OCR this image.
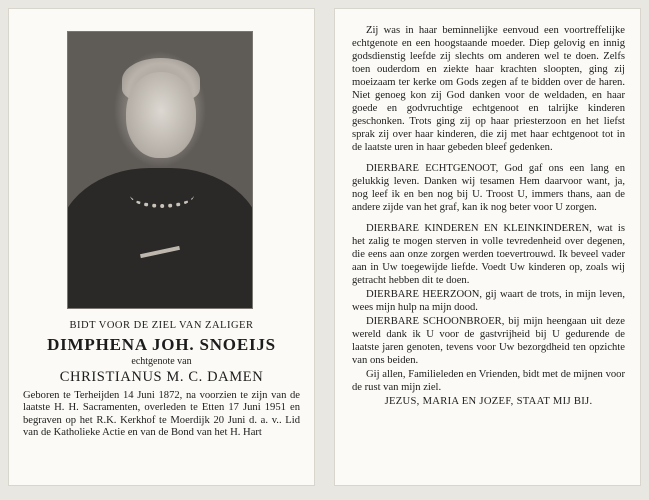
BIDT VOOR DE ZIEL VAN ZALIGER

DIMPHENA JOH. SNOEIJS

echtgenote van

CHRISTIANUS M. C. DAMEN

Geboren te Terheijden 14 Juni 1872, na voorzien te zijn van de laatste H. H. Sacramenten, overleden te Etten 17 Juni 1951 en begraven op het R.K. Kerkhof te Moerdijk 20 Juni d. a. v.. Lid van de Katholieke Actie en van de Bond van het H. Hart

Zij was in haar beminnelijke eenvoud een voortreffelijke echtgenote en een hoogstaande moeder. Diep gelovig en innig godsdienstig leefde zij slechts om anderen wel te doen. Zelfs toen ouderdom en ziekte haar krachten sloopten, ging zij moeizaam ter kerke om Gods zegen af te bidden over de haren. Niet genoeg kon zij God danken voor de weldaden, en haar goede en godvruchtige echtgenoot en talrijke kinderen geschonken. Trots ging zij op haar priesterzoon en het liefst sprak zij over haar kinderen, die zij met haar echtgenoot tot in de laatste uren in haar gebeden bleef gedenken.

DIERBARE ECHTGENOOT, God gaf ons een lang en gelukkig leven. Danken wij tesamen Hem daarvoor want, ja, nog leef ik en ben nog bij U. Troost U, immers thans, aan de andere zijde van het graf, kan ik nog beter voor U zorgen.

DIERBARE KINDEREN EN KLEINKINDEREN, wat is het zalig te mogen sterven in volle tevredenheid over degenen, die eens aan onze zorgen werden toevertrouwd. Ik beveel vader aan in Uw toegewijde liefde. Voedt Uw kinderen op, zoals wij getracht hebben dit te doen.

DIERBARE HEERZOON, gij waart de trots, in mijn leven, wees mijn hulp na mijn dood.

DIERBARE SCHOONBROER, bij mijn heengaan uit deze wereld dank ik U voor de gastvrijheid bij U gedurende de laatste jaren genoten, tevens voor Uw bezorgdheid ten opzichte van ons beiden.

Gij allen, Familieleden en Vrienden, bidt met de mijnen voor de rust van mijn ziel.

JEZUS, MARIA EN JOZEF, STAAT MIJ BIJ.
